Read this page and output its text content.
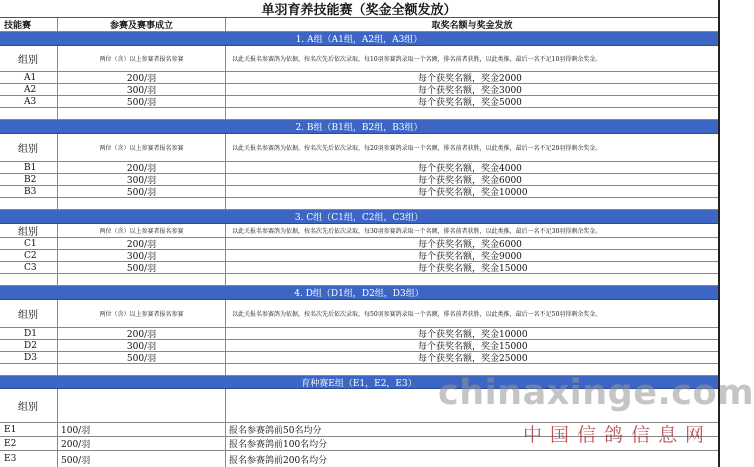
单羽育养技能赛（奖金全额发放）
技能赛	参赛及赛事成立	取奖名额与奖金发放
1. A组（A1组，A2组，A3组）
组别	两位（含）以上参赛者报名参赛	以此关报名参赛鸽为依据，按名次先后依次录取，每10羽参赛鸽录取一个名额，排名前者获胜，以此类推，最后一名不足10羽得剩余奖金。
A1	200/羽	每个获奖名额，奖金2000
A2	300/羽	每个获奖名额，奖金3000
A3	500/羽	每个获奖名额，奖金5000
2. B组（B1组，B2组，B3组）
组别	两位（含）以上参赛者报名参赛	以此关报名参赛鸽为依据，按名次先后依次录取，每20羽参赛鸽录取一个名额，排名前者获胜，以此类推，最后一名不足20羽得剩余奖金。
B1	200/羽	每个获奖名额，奖金4000
B2	300/羽	每个获奖名额，奖金6000
B3	500/羽	每个获奖名额，奖金10000
3. C组（C1组，C2组，C3组）
组别	两位（含）以上参赛者报名参赛	以此关报名参赛鸽为依据，按名次先后依次录取，每30羽参赛鸽录取一个名额，排名前者获胜，以此类推，最后一名不足30羽得剩余奖金。
C1	200/羽	每个获奖名额，奖金6000
C2	300/羽	每个获奖名额，奖金9000
C3	500/羽	每个获奖名额，奖金15000
4. D组（D1组，D2组，D3组）
组别	两位（含）以上参赛者报名参赛	以此关报名参赛鸽为依据，按名次先后依次录取，每50羽参赛鸽录取一个名额，排名前者获胜，以此类推，最后一名不足50羽得剩余奖金。
D1	200/羽	每个获奖名额，奖金10000
D2	300/羽	每个获奖名额，奖金15000
D3	500/羽	每个获奖名额，奖金25000
育种赛E组（E1，E2，E3）
组别
E1	100/羽	报名参赛鸽前50名均分
E2	200/羽	报名参赛鸽前100名均分
E3	500/羽	报名参赛鸽前200名均分
chinaxinge.com
中国信鸽信息网
